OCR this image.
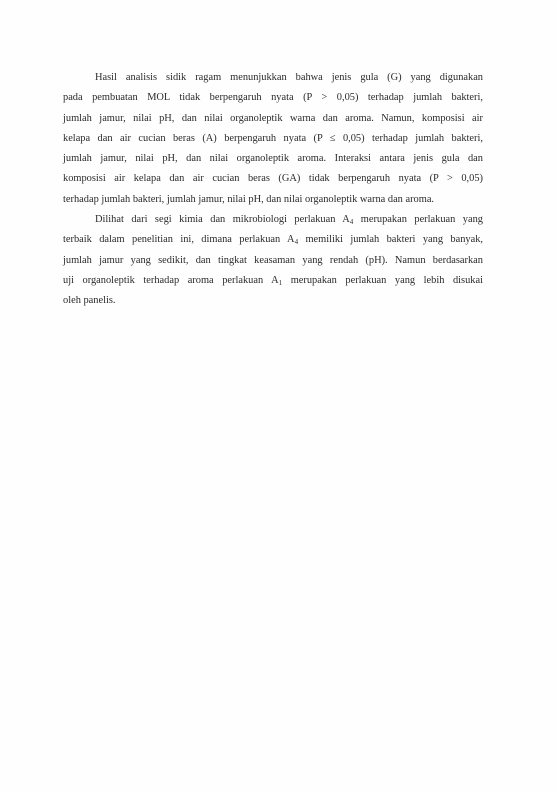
Hasil analisis sidik ragam menunjukkan bahwa jenis gula (G) yang digunakan
pada pembuatan MOL tidak berpengaruh nyata (P > 0,05) terhadap jumlah bakteri,
jumlah jamur, nilai pH, dan nilai organoleptik warna dan aroma. Namun, komposisi air
kelapa dan air cucian beras (A) berpengaruh nyata (P ≤ 0,05) terhadap jumlah bakteri,
jumlah jamur, nilai pH, dan nilai organoleptik aroma. Interaksi antara jenis gula dan
komposisi air kelapa dan air cucian beras (GA) tidak berpengaruh nyata (P > 0,05)
terhadap jumlah bakteri, jumlah jamur, nilai pH, dan nilai organoleptik warna dan aroma.

Dilihat dari segi kimia dan mikrobiologi perlakuan $A_4$ merupakan perlakuan yang
terbaik dalam penelitian ini, dimana perlakuan $A_4$ memiliki jumlah bakteri yang banyak,
jumlah jamur yang sedikit, dan tingkat keasaman yang rendah (pH). Namun berdasarkan
uji organoleptik terhadap aroma perlakuan $A_1$ merupakan perlakuan yang lebih disukai
oleh panelis.
